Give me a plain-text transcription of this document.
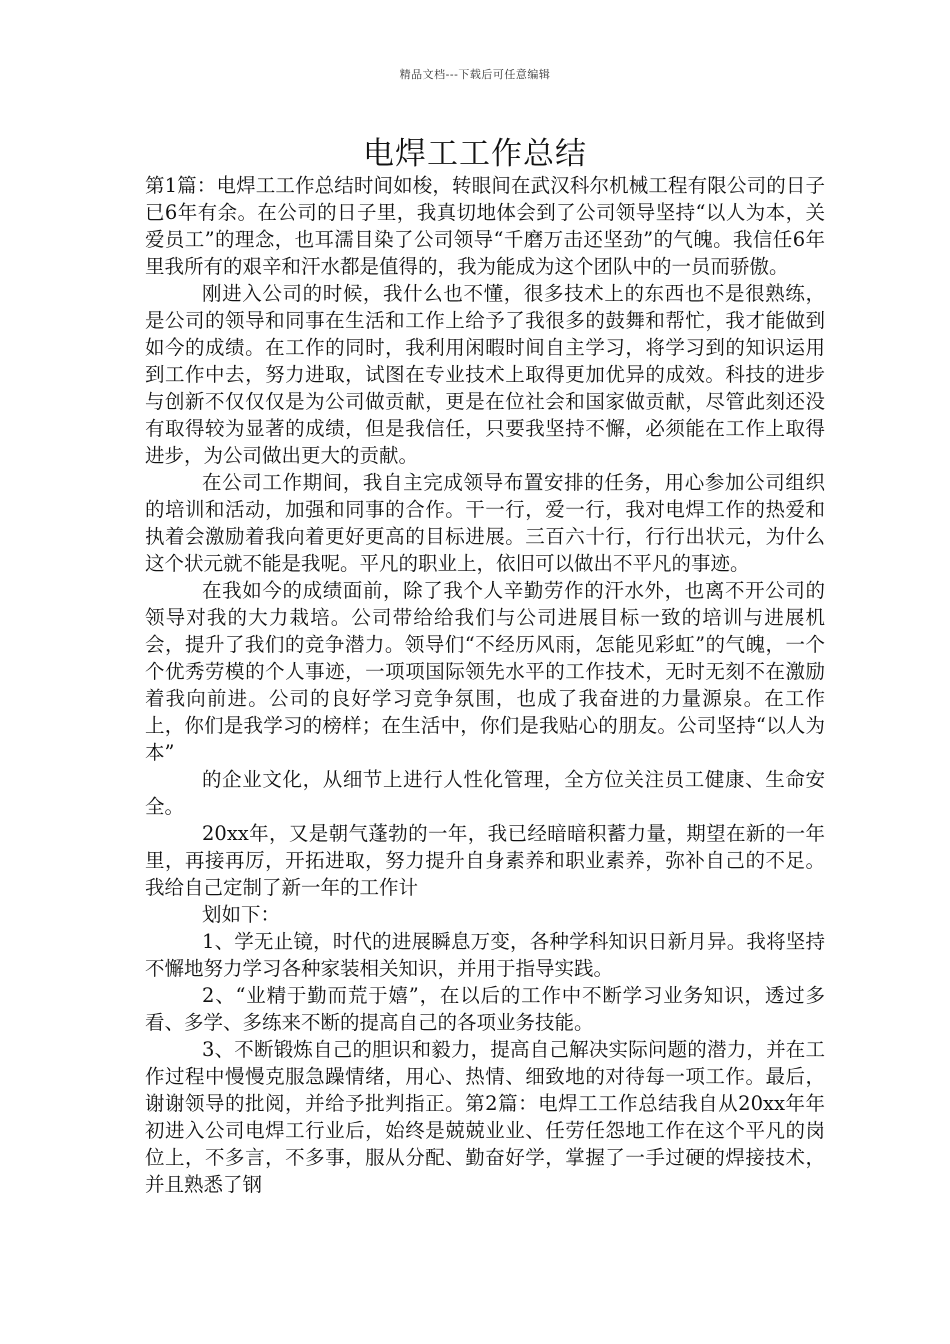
精品文档---下载后可任意编辑
电焊工工作总结

第1篇：电焊工工作总结时间如梭，转眼间在武汉科尔机械工程有限公司的日子已6年有余。在公司的日子里，我真切地体会到了公司领导坚持“以人为本，关爱员工”的理念，也耳濡目染了公司领导“千磨万击还坚劲”的气魄。我信任6年里我所有的艰辛和汗水都是值得的，我为能成为这个团队中的一员而骄傲。

刚进入公司的时候，我什么也不懂，很多技术上的东西也不是很熟练，是公司的领导和同事在生活和工作上给予了我很多的鼓舞和帮忙，我才能做到如今的成绩。在工作的同时，我利用闲暇时间自主学习，将学习到的知识运用到工作中去，努力进取，试图在专业技术上取得更加优异的成效。科技的进步与创新不仅仅仅是为公司做贡献，更是在位社会和国家做贡献，尽管此刻还没有取得较为显著的成绩，但是我信任，只要我坚持不懈，必须能在工作上取得进步，为公司做出更大的贡献。

在公司工作期间，我自主完成领导布置安排的任务，用心参加公司组织的培训和活动，加强和同事的合作。干一行，爱一行，我对电焊工作的热爱和执着会激励着我向着更好更高的目标进展。三百六十行，行行出状元，为什么这个状元就不能是我呢。平凡的职业上，依旧可以做出不平凡的事迹。

在我如今的成绩面前，除了我个人辛勤劳作的汗水外，也离不开公司的领导对我的大力栽培。公司带给给我们与公司进展目标一致的培训与进展机会，提升了我们的竞争潜力。领导们“不经历风雨，怎能见彩虹”的气魄，一个个优秀劳模的个人事迹，一项项国际领先水平的工作技术，无时无刻不在激励着我向前进。公司的良好学习竞争氛围，也成了我奋进的力量源泉。在工作上，你们是我学习的榜样；在生活中，你们是我贴心的朋友。公司坚持“以人为本”

的企业文化，从细节上进行人性化管理，全方位关注员工健康、生命安全。

20xx年，又是朝气蓬勃的一年，我已经暗暗积蓄力量，期望在新的一年里，再接再厉，开拓进取，努力提升自身素养和职业素养，弥补自己的不足。我给自己定制了新一年的工作计

划如下：

1、学无止镜，时代的进展瞬息万变，各种学科知识日新月异。我将坚持不懈地努力学习各种家装相关知识，并用于指导实践。

2、“业精于勤而荒于嬉”，在以后的工作中不断学习业务知识，透过多看、多学、多练来不断的提高自己的各项业务技能。

3、不断锻炼自己的胆识和毅力，提高自己解决实际问题的潜力，并在工作过程中慢慢克服急躁情绪，用心、热情、细致地的对待每一项工作。最后，谢谢领导的批阅，并给予批判指正。第2篇：电焊工工作总结我自从20xx年年初进入公司电焊工行业后，始终是兢兢业业、任劳任怨地工作在这个平凡的岗位上，不多言，不多事，服从分配、勤奋好学，掌握了一手过硬的焊接技术，并且熟悉了钢
